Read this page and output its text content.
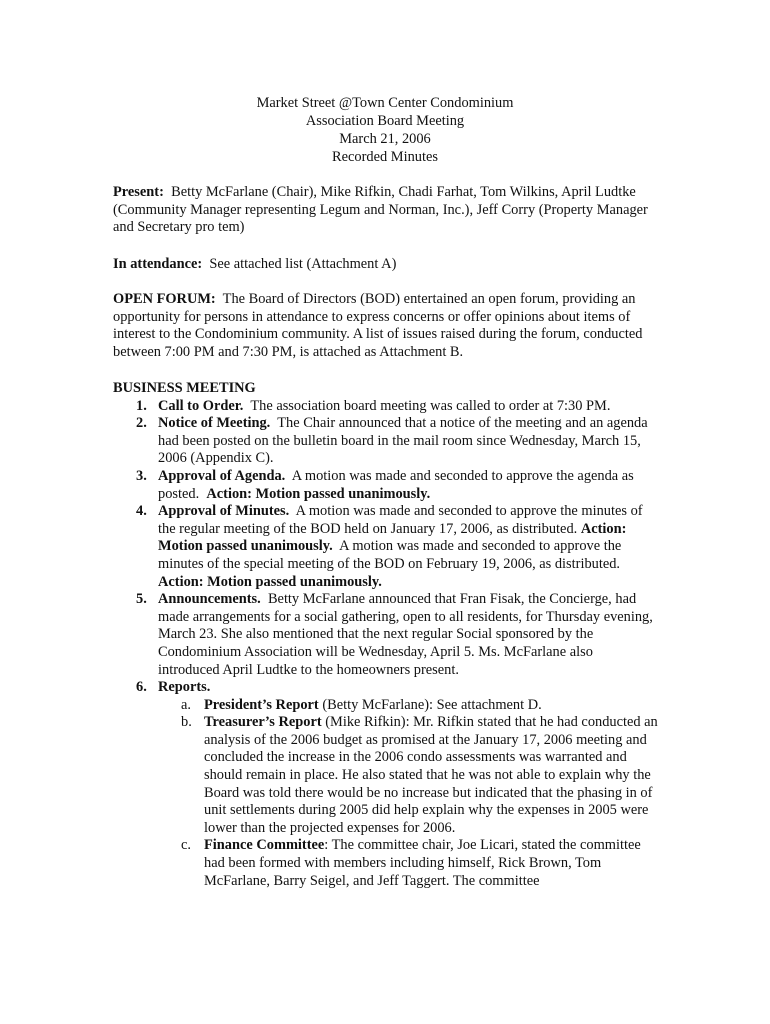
Market Street @Town Center Condominium
Association Board Meeting
March 21, 2006
Recorded Minutes
Present: Betty McFarlane (Chair), Mike Rifkin, Chadi Farhat, Tom Wilkins, April Ludtke (Community Manager representing Legum and Norman, Inc.), Jeff Corry (Property Manager and Secretary pro tem)
In attendance: See attached list (Attachment A)
OPEN FORUM: The Board of Directors (BOD) entertained an open forum, providing an opportunity for persons in attendance to express concerns or offer opinions about items of interest to the Condominium community. A list of issues raised during the forum, conducted between 7:00 PM and 7:30 PM, is attached as Attachment B.
BUSINESS MEETING
1. Call to Order. The association board meeting was called to order at 7:30 PM.
2. Notice of Meeting. The Chair announced that a notice of the meeting and an agenda had been posted on the bulletin board in the mail room since Wednesday, March 15, 2006 (Appendix C).
3. Approval of Agenda. A motion was made and seconded to approve the agenda as posted. Action: Motion passed unanimously.
4. Approval of Minutes. A motion was made and seconded to approve the minutes of the regular meeting of the BOD held on January 17, 2006, as distributed. Action: Motion passed unanimously. A motion was made and seconded to approve the minutes of the special meeting of the BOD on February 19, 2006, as distributed.  Action: Motion passed unanimously.
5. Announcements. Betty McFarlane announced that Fran Fisak, the Concierge, had made arrangements for a social gathering, open to all residents, for Thursday evening, March 23. She also mentioned that the next regular Social sponsored by the Condominium Association will be Wednesday, April 5. Ms. McFarlane also introduced April Ludtke to the homeowners present.
6. Reports.
a. President’s Report (Betty McFarlane): See attachment D.
b. Treasurer’s Report (Mike Rifkin): Mr. Rifkin stated that he had conducted an analysis of the 2006 budget as promised at the January 17, 2006 meeting and concluded the increase in the 2006 condo assessments was warranted and should remain in place. He also stated that he was not able to explain why the Board was told there would be no increase but indicated that the phasing in of unit settlements during 2005 did help explain why the expenses in 2005 were lower than the projected expenses for 2006.
c. Finance Committee: The committee chair, Joe Licari, stated the committee had been formed with members including himself, Rick Brown, Tom McFarlane, Barry Seigel, and Jeff Taggert. The committee
